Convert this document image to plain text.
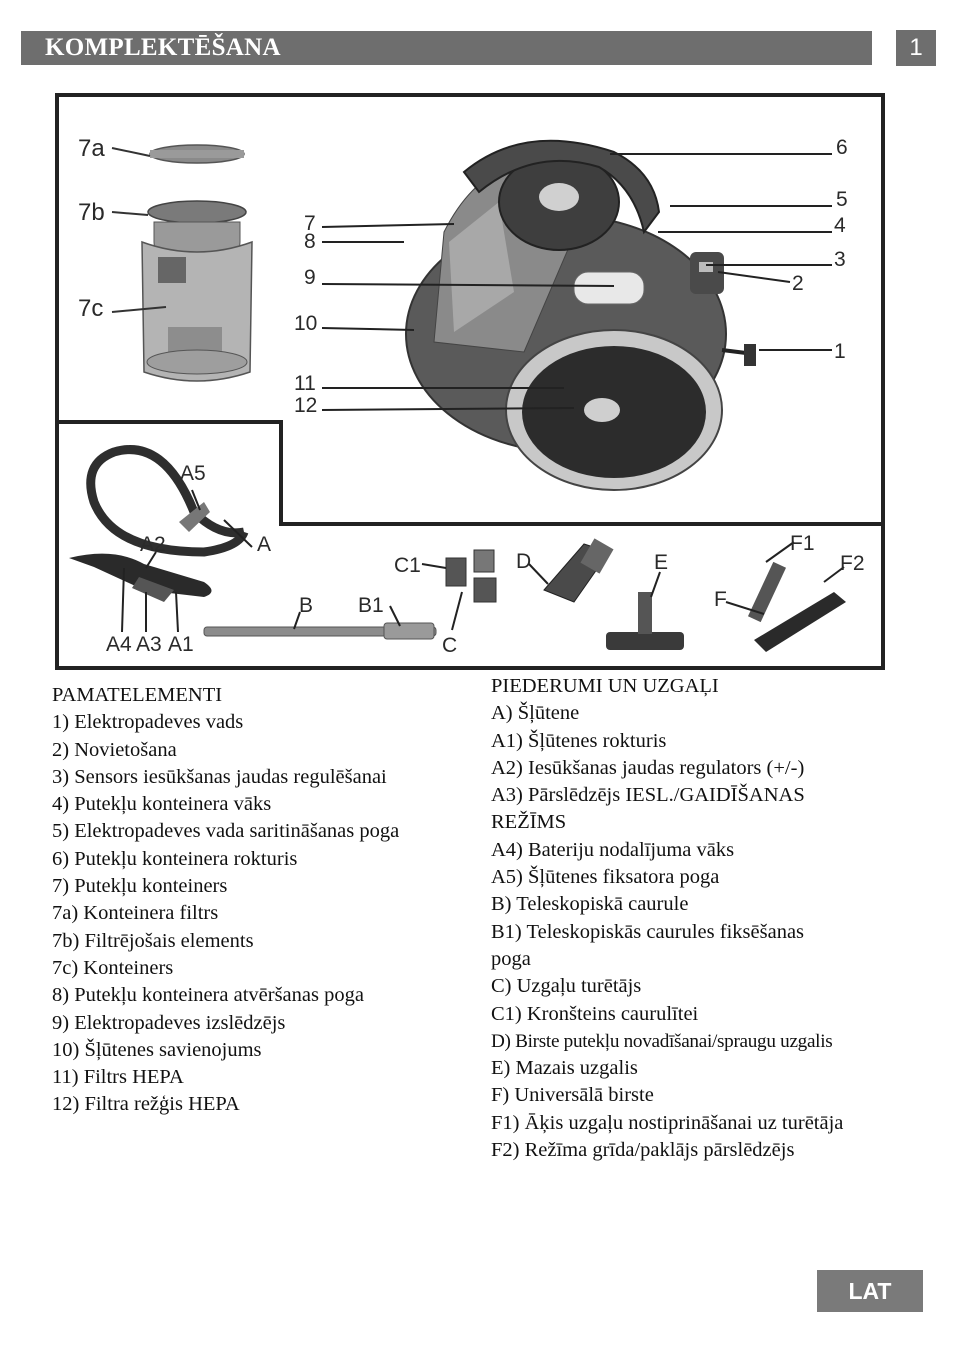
KOMPLEKTĒŠANA	1
7a
7b
7c
6
5
4
3
2
1
7
8
9
10
11
12
A
A5
A2
A4 A3 A1
B B1
C1
C
D	E
F1
F2
F
PAMATELEMENTI
1) Elektropadeves vads
2) Novietošana
3) Sensors iesūkšanas jaudas regulēšanai
4) Putekļu konteinera vāks
5) Elektropadeves vada saritināšanas poga
6) Putekļu konteinera rokturis
7) Putekļu konteiners
7a) Konteinera filtrs
7b) Filtrējošais elements
7c) Konteiners
8) Putekļu konteinera atvēršanas poga
9) Elektropadeves izslēdzējs
10) Šļūtenes savienojums
11) Filtrs HEPA
12) Filtra režģis HEPA
PIEDERUMI UN UZGAĻI
A) Šļūtene
A1) Šļūtenes rokturis
A2) Iesūkšanas jaudas regulators (+/-)
A3) Pārslēdzējs IESL./GAIDĪŠANAS
REŽĪMS
A4) Bateriju nodalījuma vāks
A5) Šļūtenes fiksatora poga
B) Teleskopiskā caurule
B1) Teleskopiskās caurules fiksēšanas
poga
C) Uzgaļu turētājs
C1) Kronšteins caurulītei
D) Birste putekļu novadīšanai/spraugu uzgalis
E) Mazais uzgalis
F) Universālā birste
F1) Āķis uzgaļu nostiprināšanai uz turētāja
F2) Režīma grīda/paklājs pārslēdzējs
LAT
